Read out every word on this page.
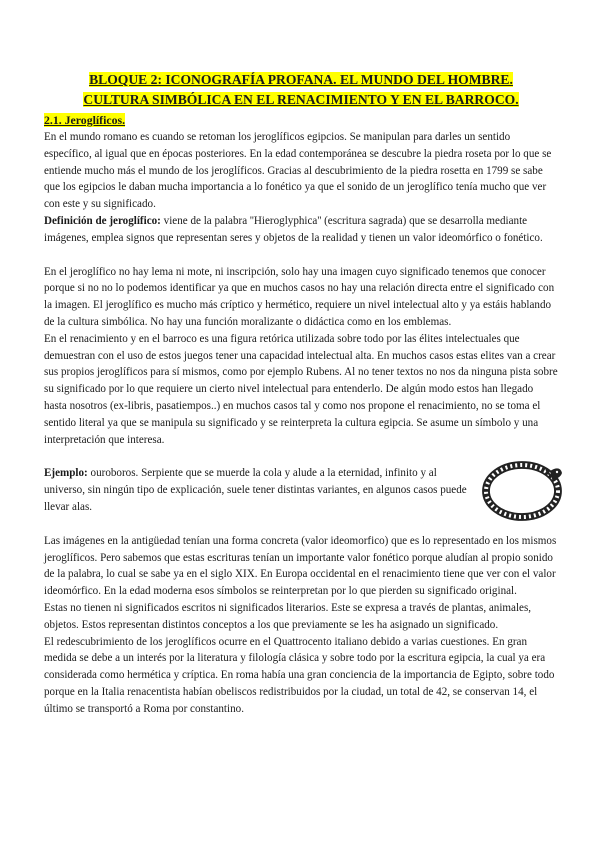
BLOQUE 2: ICONOGRAFÍA PROFANA. EL MUNDO DEL HOMBRE.
CULTURA SIMBÓLICA EN EL RENACIMIENTO Y EN EL BARROCO.
2.1. Jeroglíficos.

En el mundo romano es cuando se retoman los jeroglíficos egipcios. Se manipulan para darles un sentido específico, al igual que en épocas posteriores. En la edad contemporánea se descubre la piedra roseta por lo que se entiende mucho más el mundo de los jeroglíficos. Gracias al descubrimiento de la piedra rosetta en 1799 se sabe que los egipcios le daban mucha importancia a lo fonético ya que el sonido de un jeroglífico tenía mucho que ver con este y su significado.

Definición de jeroglífico: viene de la palabra ''Hieroglyphica'' (escritura sagrada) que se desarrolla mediante imágenes, emplea signos que representan seres y objetos de la realidad y tienen un valor ideomórfico o fonético.

En el jeroglífico no hay lema ni mote, ni inscripción, solo hay una imagen cuyo significado tenemos que conocer porque si no no lo podemos identificar ya que en muchos casos no hay una relación directa entre el significado con la imagen. El jeroglífico es mucho más críptico y hermético, requiere un nivel intelectual alto y ya estáis hablando de la cultura simbólica. No hay una función moralizante o didáctica como en los emblemas.

En el renacimiento y en el barroco es una figura retórica utilizada sobre todo por las élites intelectuales que demuestran con el uso de estos juegos tener una capacidad intelectual alta. En muchos casos estas elites van a crear sus propios jeroglíficos para sí mismos, como por ejemplo Rubens. Al no tener textos no nos da ninguna pista sobre su significado por lo que requiere un cierto nivel intelectual para entenderlo. De algún modo estos han llegado hasta nosotros (ex-libris, pasatiempos..) en muchos casos tal y como nos propone el renacimiento, no se toma el sentido literal ya que se manipula su significado y se reinterpreta la cultura egipcia. Se asume un símbolo y una interpretación que interesa.

Ejemplo: ouroboros. Serpiente que se muerde la cola y alude a la eternidad, infinito y al universo, sin ningún tipo de explicación, suele tener distintas variantes, en algunos casos puede llevar alas.

Las imágenes en la antigüedad tenían una forma concreta (valor ideomorfico) que es lo representado en los mismos jeroglíficos. Pero sabemos que estas escrituras tenían un importante valor fonético porque aludían al propio sonido de la palabra, lo cual se sabe ya en el siglo XIX. En Europa occidental en el renacimiento tiene que ver con el valor ideomórfico. En la edad moderna esos símbolos se reinterpretan por lo que pierden su significado original.

Estas no tienen ni significados escritos ni significados literarios. Este se expresa a través de plantas, animales, objetos. Estos representan distintos conceptos a los que previamente se les ha asignado un significado.

El redescubrimiento de los jeroglíficos ocurre en el Quattrocento italiano debido a varias cuestiones. En gran medida se debe a un interés por la literatura y filología clásica y sobre todo por la escritura egipcia, la cual ya era considerada como hermética y críptica. En roma había una gran conciencia de la importancia de Egipto, sobre todo porque en la Italia renacentista habían obeliscos redistribuidos por la ciudad, un total de 42, se conservan 14, el último se transportó a Roma por constantino.
